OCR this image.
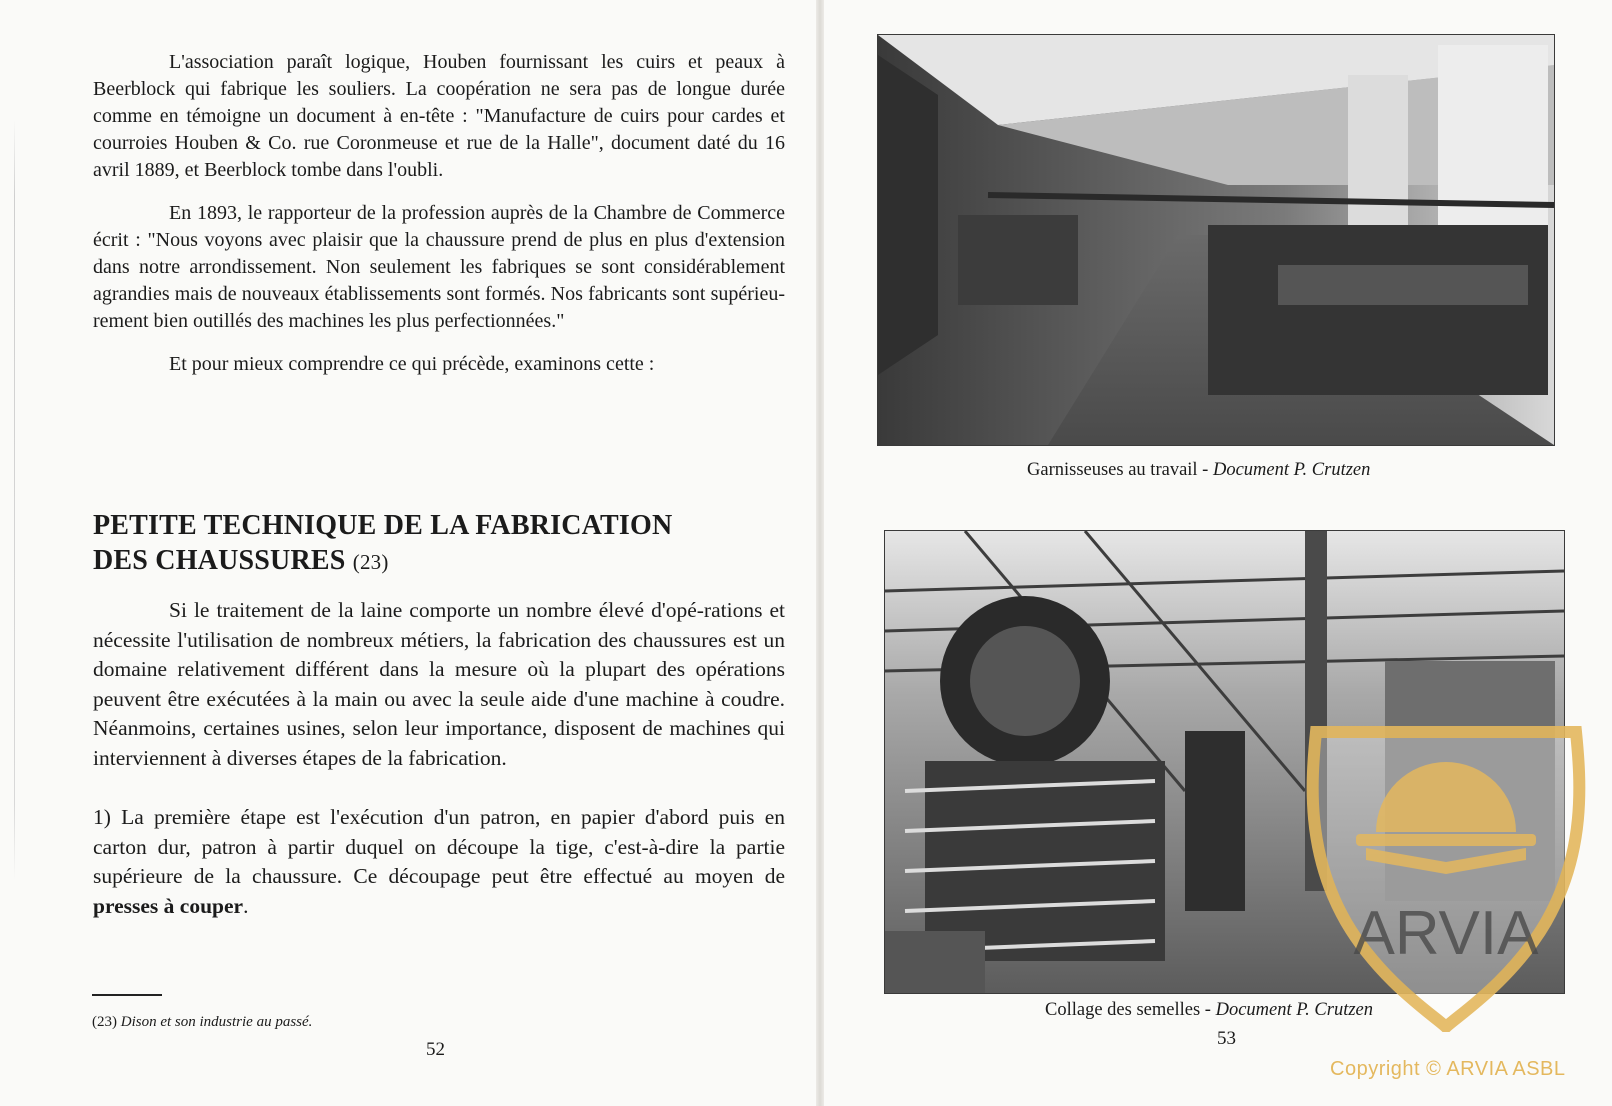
L'association paraît logique, Houben fournissant les cuirs et peaux à Beerblock qui fabrique les souliers. La coopération ne sera pas de longue durée comme en témoigne un document à en-tête : "Manufacture de cuirs pour cardes et courroies Houben & Co. rue Coronmeuse et rue de la Halle", document daté du 16 avril 1889, et Beerblock tombe dans l'oubli.

En 1893, le rapporteur de la profession auprès de la Chambre de Commerce écrit : "Nous voyons avec plaisir que la chaussure prend de plus en plus d'extension dans notre arrondissement. Non seulement les fabriques se sont considérablement agrandies mais de nouveaux établissements sont formés. Nos fabricants sont supérieu-rement bien outillés des machines les plus perfectionnées."

Et pour mieux comprendre ce qui précède, examinons cette :

PETITE TECHNIQUE DE LA FABRICATION
DES CHAUSSURES (23)

Si le traitement de la laine comporte un nombre élevé d'opé-rations et nécessite l'utilisation de nombreux métiers, la fabrication des chaussures est un domaine relativement différent dans la mesure où la plupart des opérations peuvent être exécutées à la main ou avec la seule aide d'une machine à coudre. Néanmoins, certaines usines, selon leur importance, disposent de machines qui interviennent à diverses étapes de la fabrication.

1) La première étape est l'exécution d'un patron, en papier d'abord puis en carton dur, patron à partir duquel on découpe la tige, c'est-à-dire la partie supérieure de la chaussure. Ce découpage peut être effectué au moyen de presses à couper.

(23) Dison et son industrie au passé.
52
Garnisseuses au travail - Document P. Crutzen
Collage des semelles - Document P. Crutzen
53
ARVIA
Copyright © ARVIA ASBL
